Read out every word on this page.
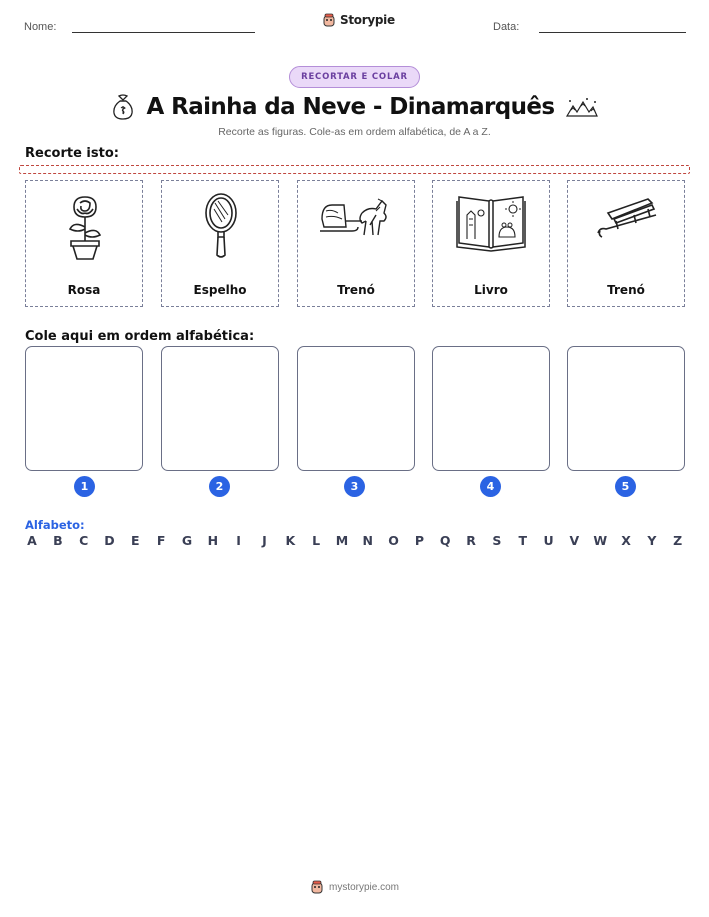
Nome:	Storypie	Data:
RECORTAR E COLAR
A Rainha da Neve - Dinamarquês
Recorte as figuras. Cole-as em ordem alfabética, de A a Z.
Recorte isto:
Rosa	Espelho	Trenó	Livro	Trenó
Cole aqui em ordem alfabética:
1	2	3	4	5
Alfabeto:
A B C D E F G H	I	J	K L M N O P Q R S T U V W X Y Z
mystorypie.com
